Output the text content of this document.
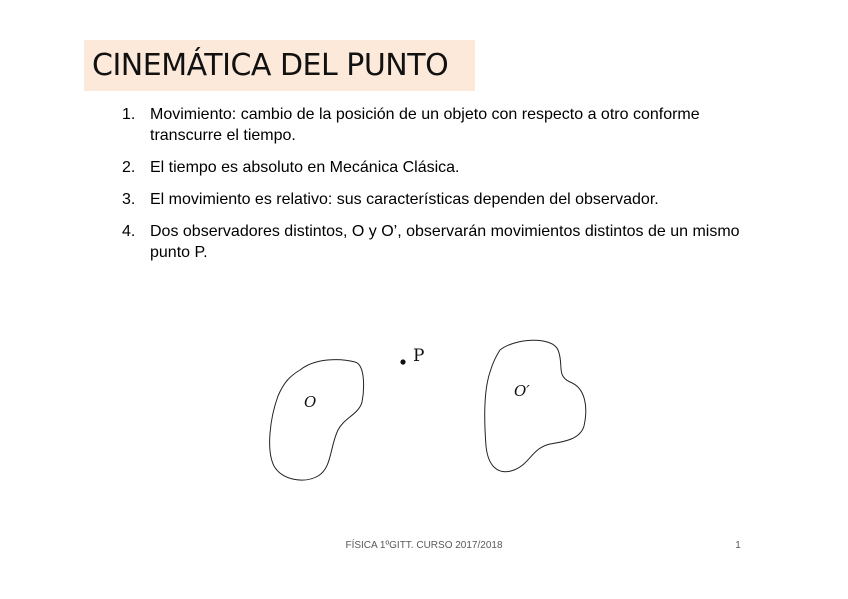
CINEMÁTICA DEL PUNTO
1. Movimiento: cambio de la posición de un objeto con respecto a otro conforme transcurre el tiempo.
2. El tiempo es absoluto en Mecánica Clásica.
3. El movimiento es relativo: sus características dependen del observador.
4. Dos observadores distintos, O y O’, observarán movimientos distintos de un mismo punto P.
P
O
O′
FÍSICA 1ºGITT. CURSO 2017/2018	1
